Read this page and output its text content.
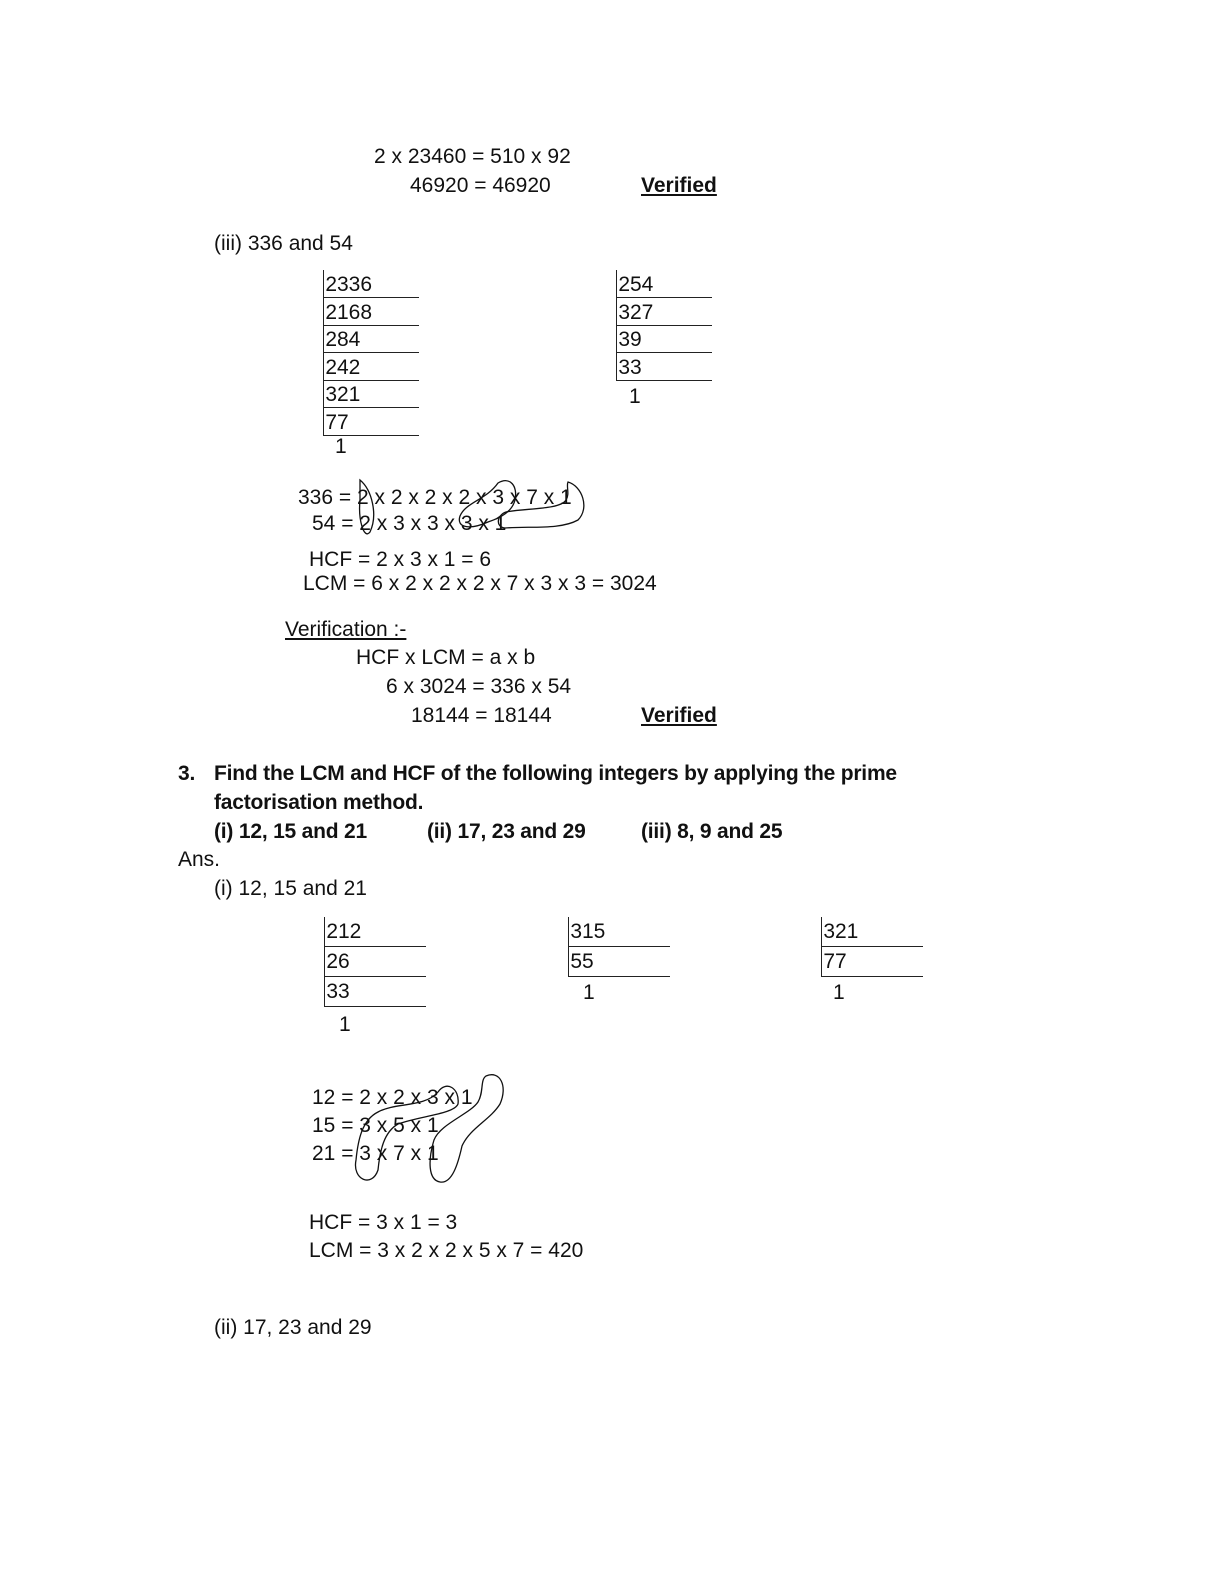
2 x 23460 = 510 x 92
46920 = 46920	Verified
(iii) 336 and 54
2 336
2 168
2 84
2 42
3 21
7 7
1
2 54
3 27
3 9
3 3
1
336 = 2 x 2 x 2 x 2 x 3 x 7 x 1
54 = 2 x 3 x 3 x 3 x 1
HCF = 2 x 3 x 1 = 6
LCM = 6 x 2 x 2 x 2 x 7 x 3 x 3 = 3024
Verification :-
HCF x LCM = a x b
6 x 3024 = 336 x 54
18144 = 18144	Verified
3. Find the LCM and HCF of the following integers by applying the prime
factorisation method.
(i) 12, 15 and 21	(ii) 17, 23 and 29	(iii) 8, 9 and 25
Ans.
(i) 12, 15 and 21
2 12
2 6
3 3
1
3 15
5 5
1
3 21
7 7
1
12 = 2 x 2 x 3 x 1
15 = 3 x 5 x 1
21 = 3 x 7 x 1
HCF = 3 x 1 = 3
LCM = 3 x 2 x 2 x 5 x 7 = 420
(ii) 17, 23 and 29
